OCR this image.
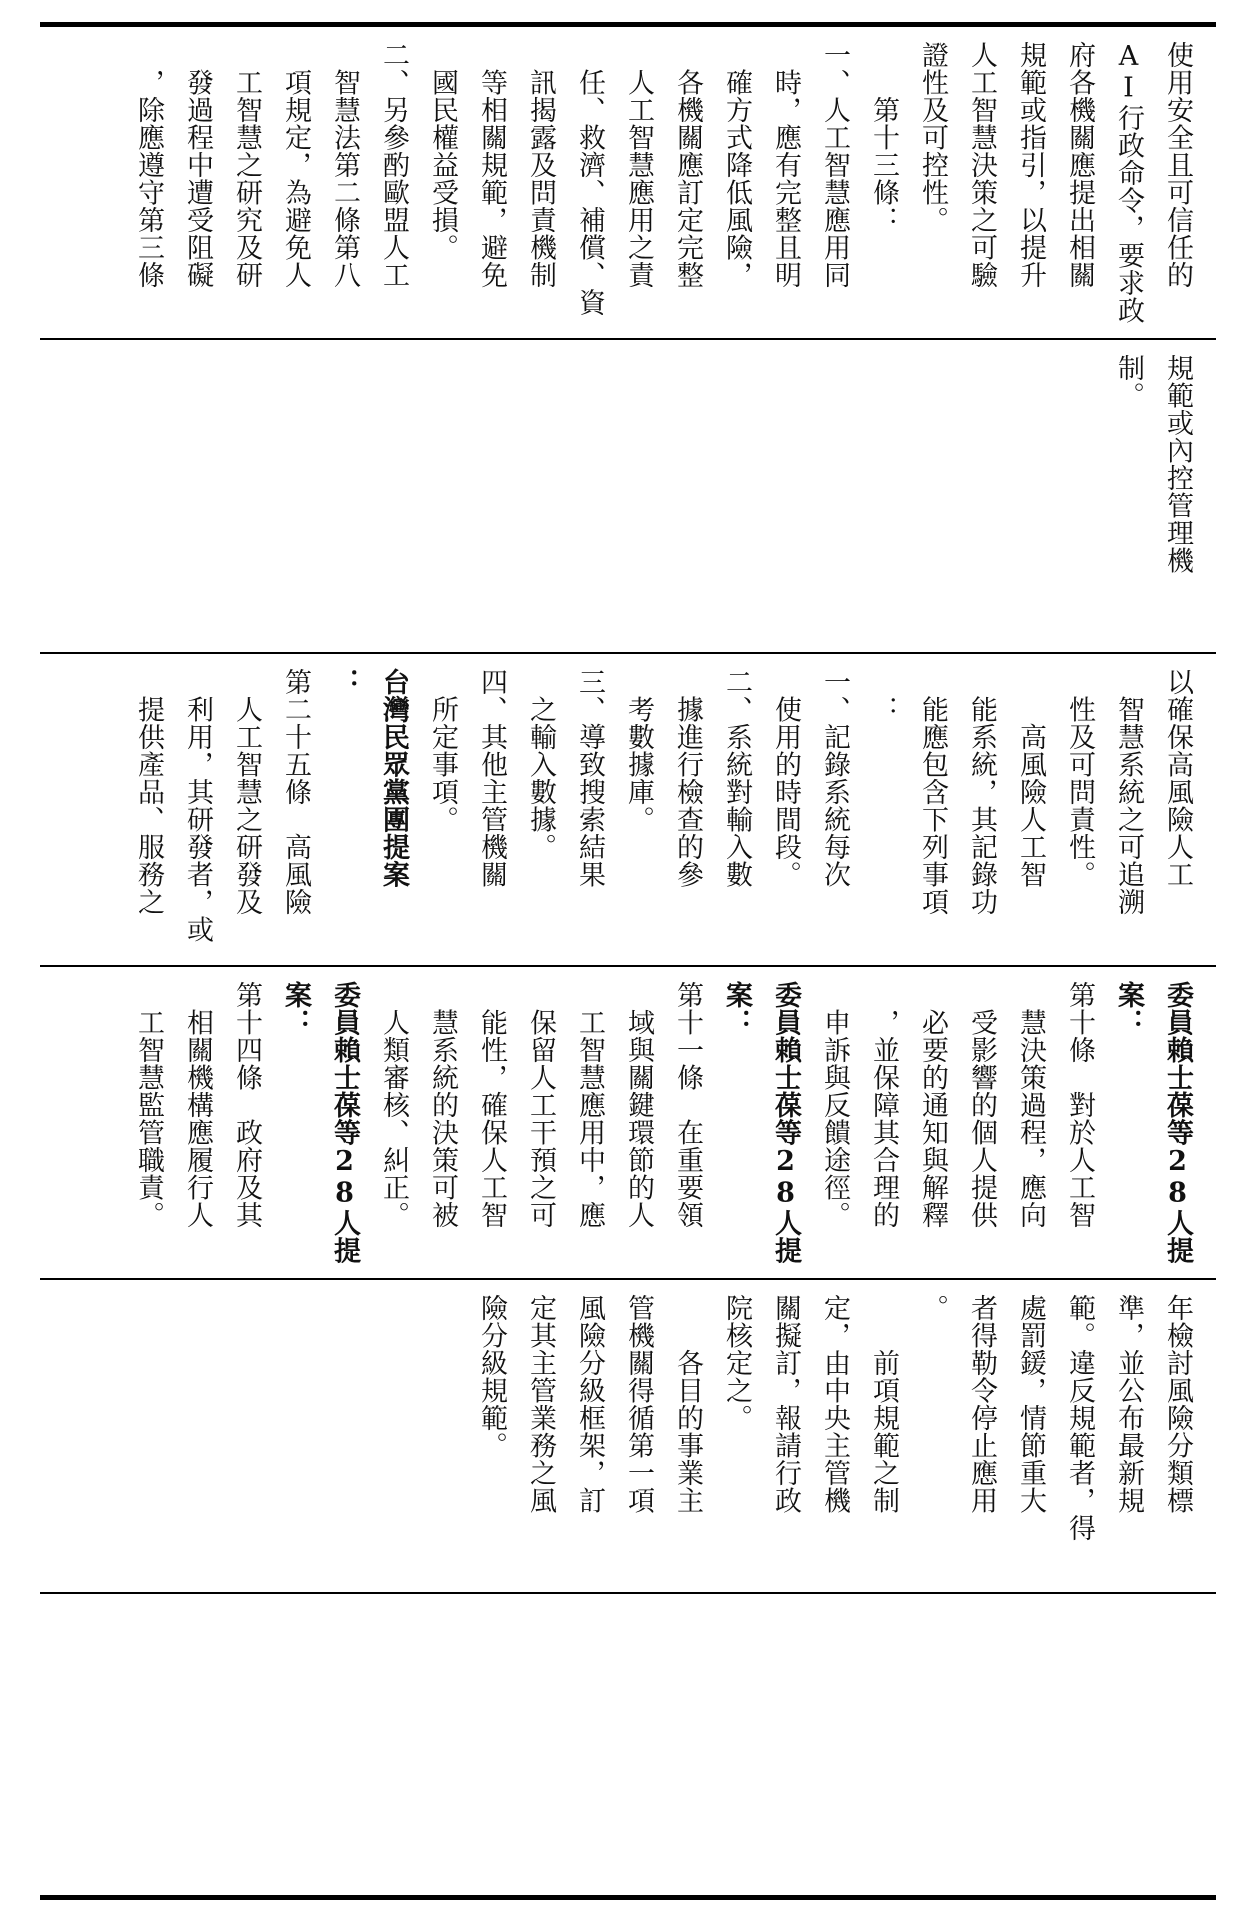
使用安全且可信任的

AI行政命令，要求政

府各機關應提出相關

規範或指引，以提升

人工智慧決策之可驗

證性及可控性。

　　第十三條：

一、人工智慧應用同

　時，應有完整且明

　確方式降低風險，

　各機關應訂定完整

　人工智慧應用之責

　任、救濟、補償、資

　訊揭露及問責機制

　等相關規範，避免

　國民權益受損。

二、另參酌歐盟人工

　智慧法第二條第八

　項規定，為避免人

　工智慧之研究及研

　發過程中遭受阻礙

　，除應遵守第三條

規範或內控管理機

制。

以確保高風險人工

　智慧系統之可追溯

　性及可問責性。

　　高風險人工智

　能系統，其記錄功

　能應包含下列事項

　：

一、記錄系統每次

　使用的時間段。

二、系統對輸入數

　據進行檢查的參

　考數據庫。

三、導致搜索結果

　之輸入數據。

四、其他主管機關

　所定事項。

台灣民眾黨團提案

：

第二十五條　高風險

　人工智慧之研發及

　利用，其研發者，或

　提供產品、服務之

委員賴士葆等28人提

案：

第十條　對於人工智

　慧決策過程，應向

　受影響的個人提供

　必要的通知與解釋

　，並保障其合理的

　申訴與反饋途徑。

委員賴士葆等28人提

案：

第十一條　在重要領

　域與關鍵環節的人

　工智慧應用中，應

　保留人工干預之可

　能性，確保人工智

　慧系統的決策可被

　人類審核、糾正。

委員賴士葆等28人提

案：

第十四條　政府及其

　相關機構應履行人

　工智慧監管職責。

年檢討風險分類標

準，並公布最新規

範。違反規範者，得

處罰鍰，情節重大

者得勒令停止應用

。

　　前項規範之制

定，由中央主管機

關擬訂，報請行政

院核定之。

　　各目的事業主

管機關得循第一項

風險分級框架，訂

定其主管業務之風

險分級規範。
